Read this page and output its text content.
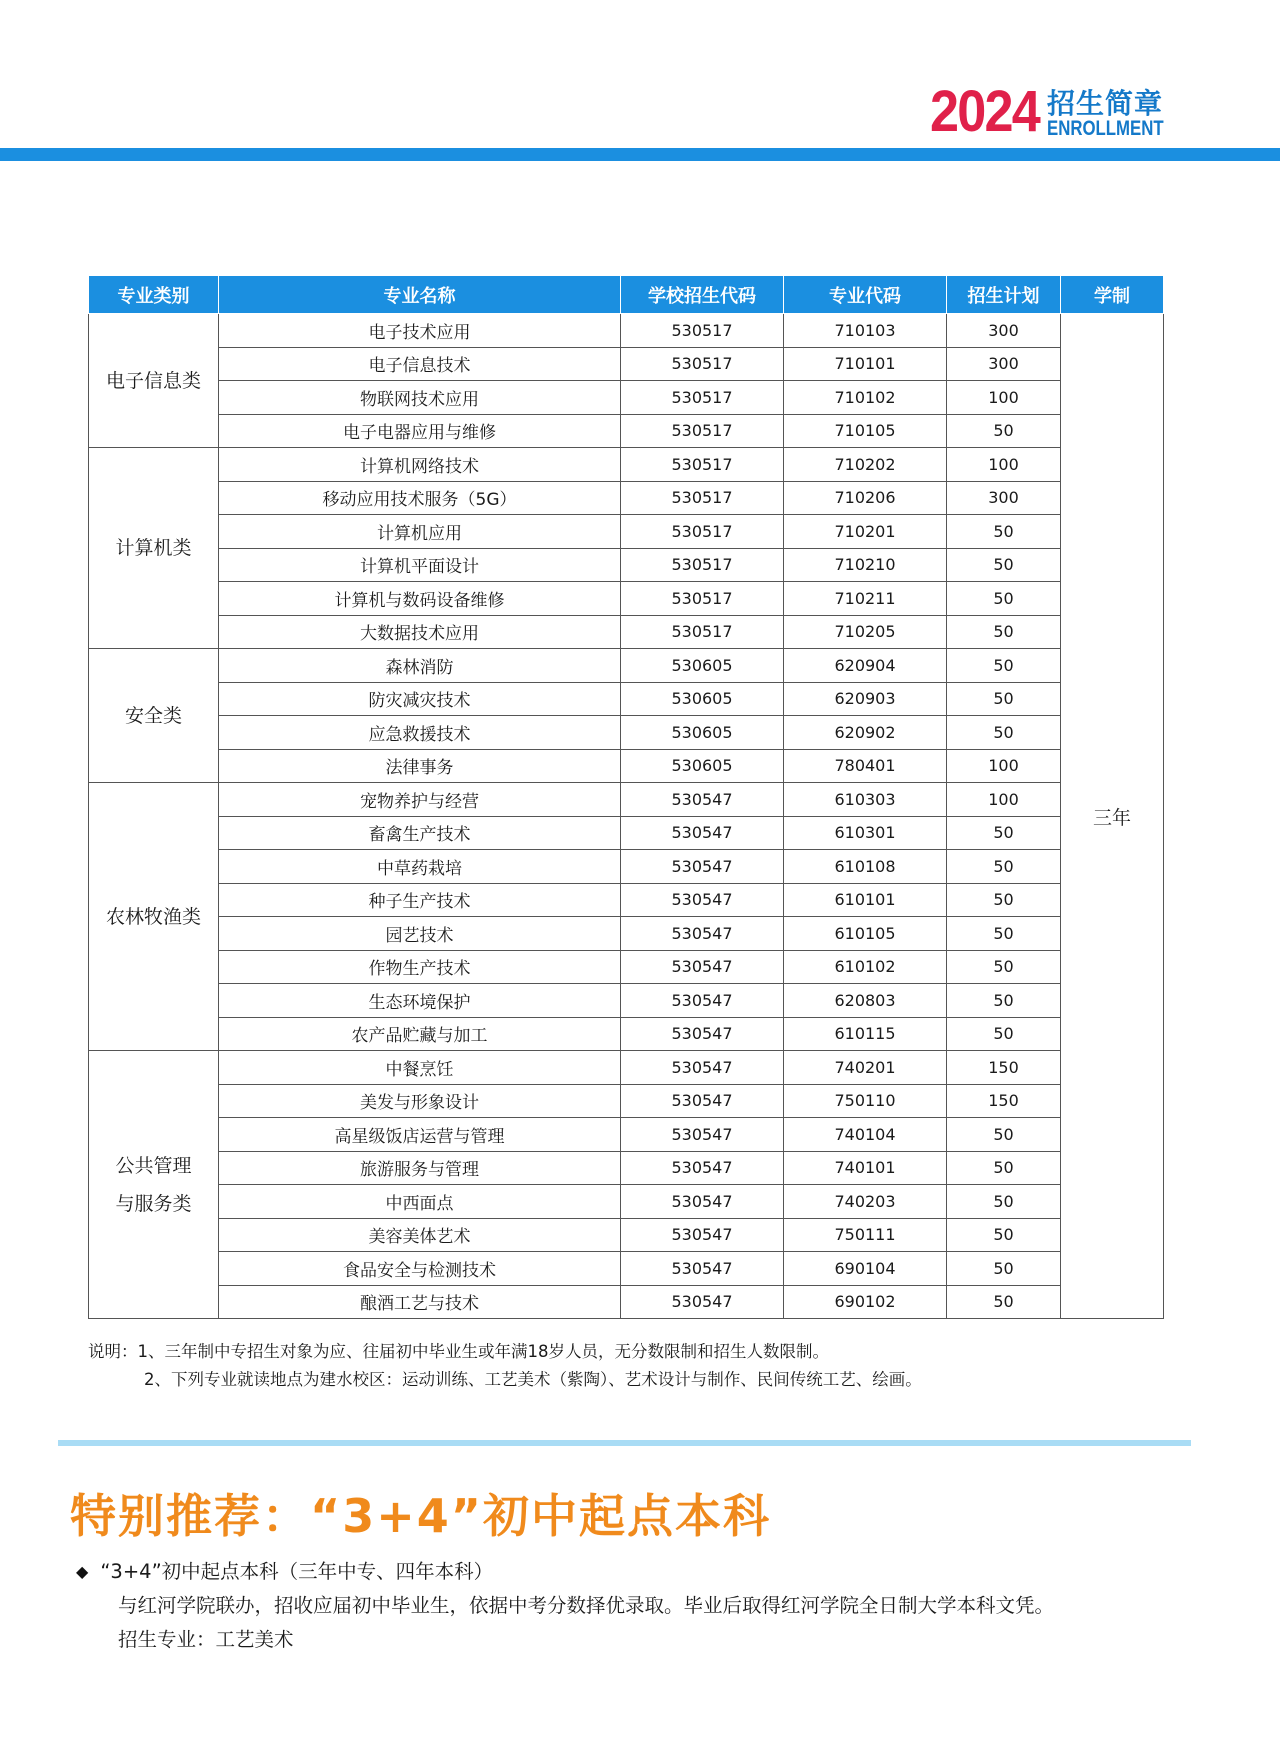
2024 招生简章
ENROLLMENT
专业类别	专业名称	学校招生代码	专业代码	招生计划	学制
电子信息类	电子技术应用	530517	710103	300	三年
	电子信息技术	530517	710101	300	
	物联网技术应用	530517	710102	100	
	电子电器应用与维修	530517	710105	50	
计算机类	计算机网络技术	530517	710202	100	
	移动应用技术服务（5G）	530517	710206	300	
	计算机应用	530517	710201	50	
	计算机平面设计	530517	710210	50	
	计算机与数码设备维修	530517	710211	50	
	大数据技术应用	530517	710205	50	
安全类	森林消防	530605	620904	50	
	防灾减灾技术	530605	620903	50	
	应急救援技术	530605	620902	50	
	法律事务	530605	780401	100	
农林牧渔类	宠物养护与经营	530547	610303	100	
	畜禽生产技术	530547	610301	50	
	中草药栽培	530547	610108	50	
	种子生产技术	530547	610101	50	
	园艺技术	530547	610105	50	
	作物生产技术	530547	610102	50	
	生态环境保护	530547	620803	50	
	农产品贮藏与加工	530547	610115	50	
公共管理
与服务类	中餐烹饪	530547	740201	150	
	美发与形象设计	530547	750110	150	
	高星级饭店运营与管理	530547	740104	50	
	旅游服务与管理	530547	740101	50	
	中西面点	530547	740203	50	
	美容美体艺术	530547	750111	50	
	食品安全与检测技术	530547	690104	50	
	酿酒工艺与技术	530547	690102	50	
说明：1、三年制中专招生对象为应、往届初中毕业生或年满18岁人员，无分数限制和招生人数限制。
2、下列专业就读地点为建水校区：运动训练、工艺美术（紫陶）、艺术设计与制作、民间传统工艺、绘画。
特别推荐：“3+4”初中起点本科
◆ “3+4”初中起点本科（三年中专、四年本科）
与红河学院联办，招收应届初中毕业生，依据中考分数择优录取。毕业后取得红河学院全日制大学本科文凭。
招生专业：工艺美术
